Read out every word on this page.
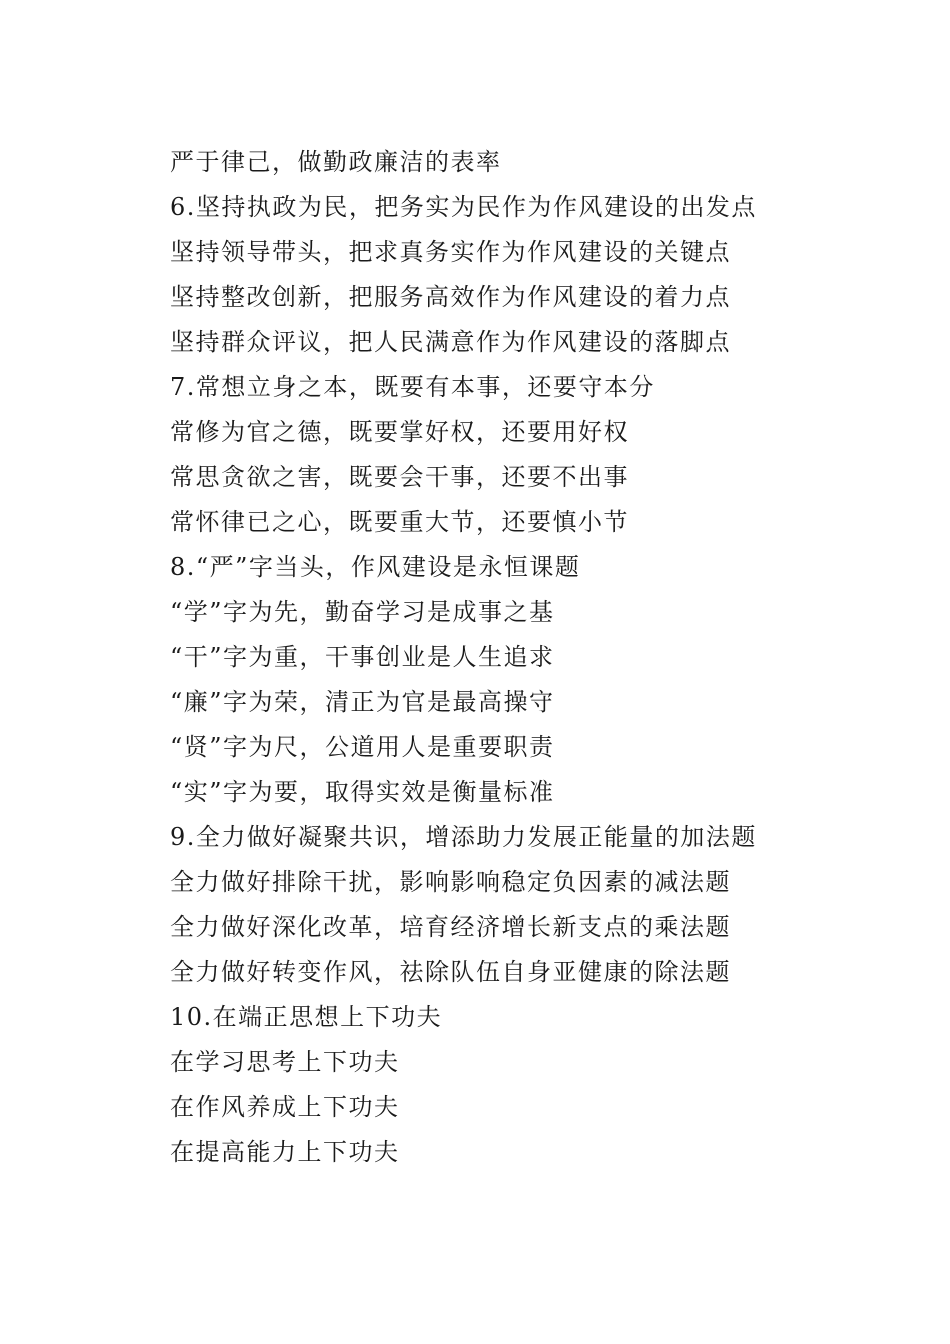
严于律己，做勤政廉洁的表率
6.坚持执政为民，把务实为民作为作风建设的出发点
坚持领导带头，把求真务实作为作风建设的关键点
坚持整改创新，把服务高效作为作风建设的着力点
坚持群众评议，把人民满意作为作风建设的落脚点
7.常想立身之本，既要有本事，还要守本分
常修为官之德，既要掌好权，还要用好权
常思贪欲之害，既要会干事，还要不出事
常怀律已之心，既要重大节，还要慎小节
8.“严”字当头，作风建设是永恒课题
“学”字为先，勤奋学习是成事之基
“干”字为重，干事创业是人生追求
“廉”字为荣，清正为官是最高操守
“贤”字为尺，公道用人是重要职责
“实”字为要，取得实效是衡量标准
9.全力做好凝聚共识，增添助力发展正能量的加法题
全力做好排除干扰，影响影响稳定负因素的减法题
全力做好深化改革，培育经济增长新支点的乘法题
全力做好转变作风，祛除队伍自身亚健康的除法题
10.在端正思想上下功夫
在学习思考上下功夫
在作风养成上下功夫
在提高能力上下功夫
